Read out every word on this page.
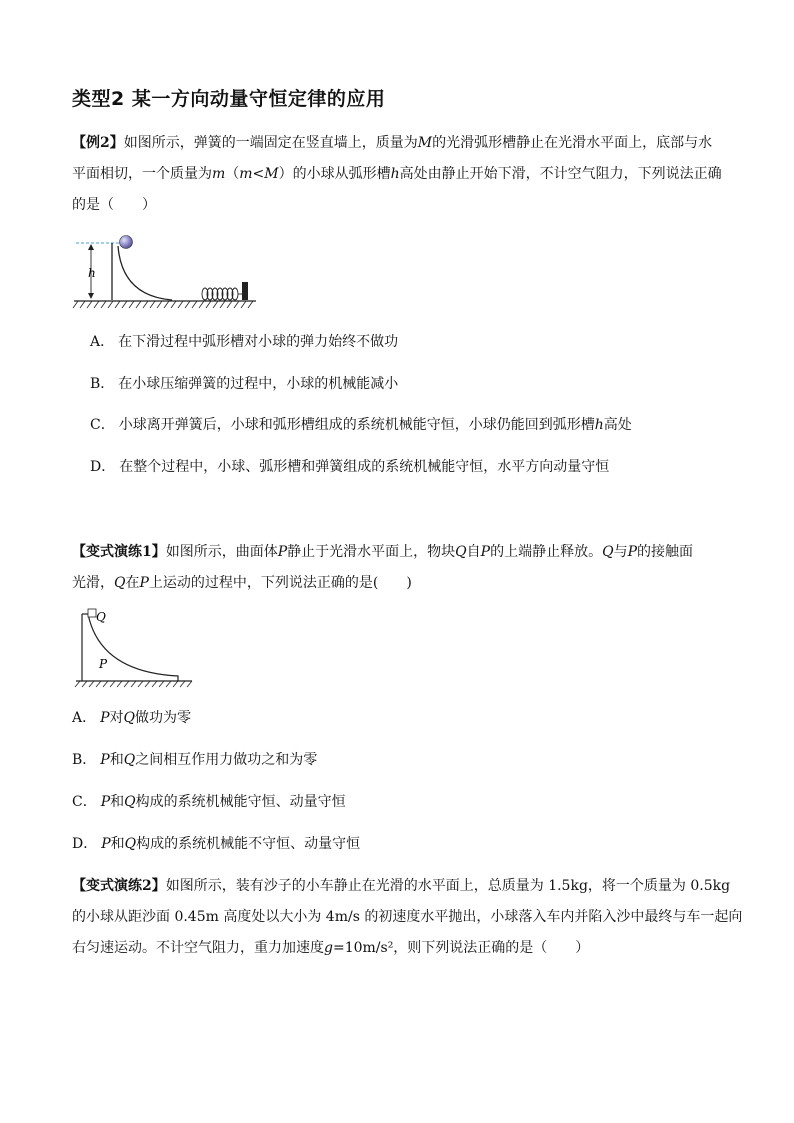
类型2 某一方向动量守恒定律的应用
【例2】如图所示，弹簧的一端固定在竖直墙上，质量为M的光滑弧形槽静止在光滑水平面上，底部与水
平面相切，一个质量为m（m<M）的小球从弧形槽h高处由静止开始下滑，不计空气阻力，下列说法正确
的是（　　）
h
A． 在下滑过程中弧形槽对小球的弹力始终不做功
B． 在小球压缩弹簧的过程中，小球的机械能减小
C． 小球离开弹簧后，小球和弧形槽组成的系统机械能守恒，小球仍能回到弧形槽h高处
D． 在整个过程中，小球、弧形槽和弹簧组成的系统机械能守恒，水平方向动量守恒
【变式演练1】如图所示，曲面体P静止于光滑水平面上，物块Q自P的上端静止释放。Q与P的接触面
光滑，Q在P上运动的过程中，下列说法正确的是(　　)
Q
P
A． P对Q做功为零
B． P和Q之间相互作用力做功之和为零
C． P和Q构成的系统机械能守恒、动量守恒
D． P和Q构成的系统机械能不守恒、动量守恒
【变式演练2】如图所示，装有沙子的小车静止在光滑的水平面上，总质量为 1.5kg，将一个质量为 0.5kg
的小球从距沙面 0.45m 高度处以大小为 4m/s 的初速度水平抛出，小球落入车内并陷入沙中最终与车一起向
右匀速运动。不计空气阻力，重力加速度g=10m/s²，则下列说法正确的是（　　）
